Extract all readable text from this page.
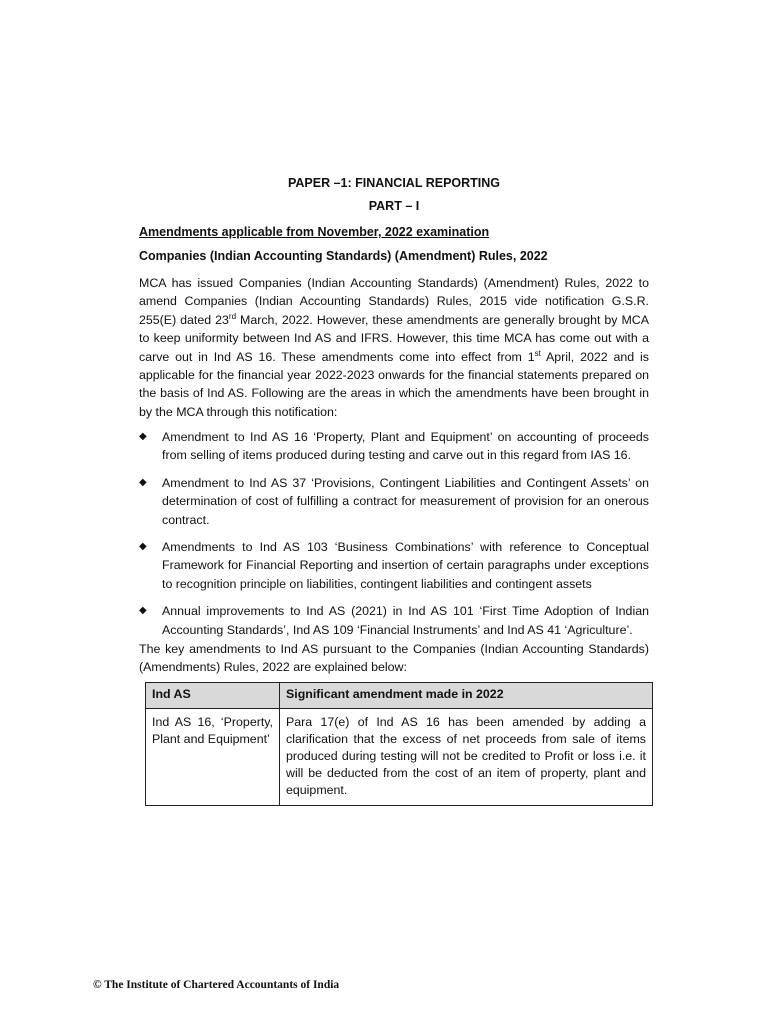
PAPER –1: FINANCIAL REPORTING
PART – I
Amendments applicable from November, 2022 examination
Companies (Indian Accounting Standards) (Amendment) Rules, 2022

MCA has issued Companies (Indian Accounting Standards) (Amendment) Rules, 2022 to amend Companies (Indian Accounting Standards) Rules, 2015 vide notification G.S.R. 255(E) dated 23rd March, 2022. However, these amendments are generally brought by MCA to keep uniformity between Ind AS and IFRS. However, this time MCA has come out with a carve out in Ind AS 16. These amendments come into effect from 1st April, 2022 and is applicable for the financial year 2022-2023 onwards for the financial statements prepared on the basis of Ind AS. Following are the areas in which the amendments have been brought in by the MCA through this notification:

◆ Amendment to Ind AS 16 ‘Property, Plant and Equipment’ on accounting of proceeds from selling of items produced during testing and carve out in this regard from IAS 16.
◆ Amendment to Ind AS 37 ‘Provisions, Contingent Liabilities and Contingent Assets’ on determination of cost of fulfilling a contract for measurement of provision for an onerous contract.
◆ Amendments to Ind AS 103 ‘Business Combinations’ with reference to Conceptual Framework for Financial Reporting and insertion of certain paragraphs under exceptions to recognition principle on liabilities, contingent liabilities and contingent assets
◆ Annual improvements to Ind AS (2021) in Ind AS 101 ‘First Time Adoption of Indian Accounting Standards’, Ind AS 109 ‘Financial Instruments’ and Ind AS 41 ‘Agriculture’.

The key amendments to Ind AS pursuant to the Companies (Indian Accounting Standards) (Amendments) Rules, 2022 are explained below:

Ind AS	Significant amendment made in 2022
Ind AS 16, ‘Property, Plant and Equipment’	Para 17(e) of Ind AS 16 has been amended by adding a clarification that the excess of net proceeds from sale of items produced during testing will not be credited to Profit or loss i.e. it will be deducted from the cost of an item of property, plant and equipment.
© The Institute of Chartered Accountants of India
